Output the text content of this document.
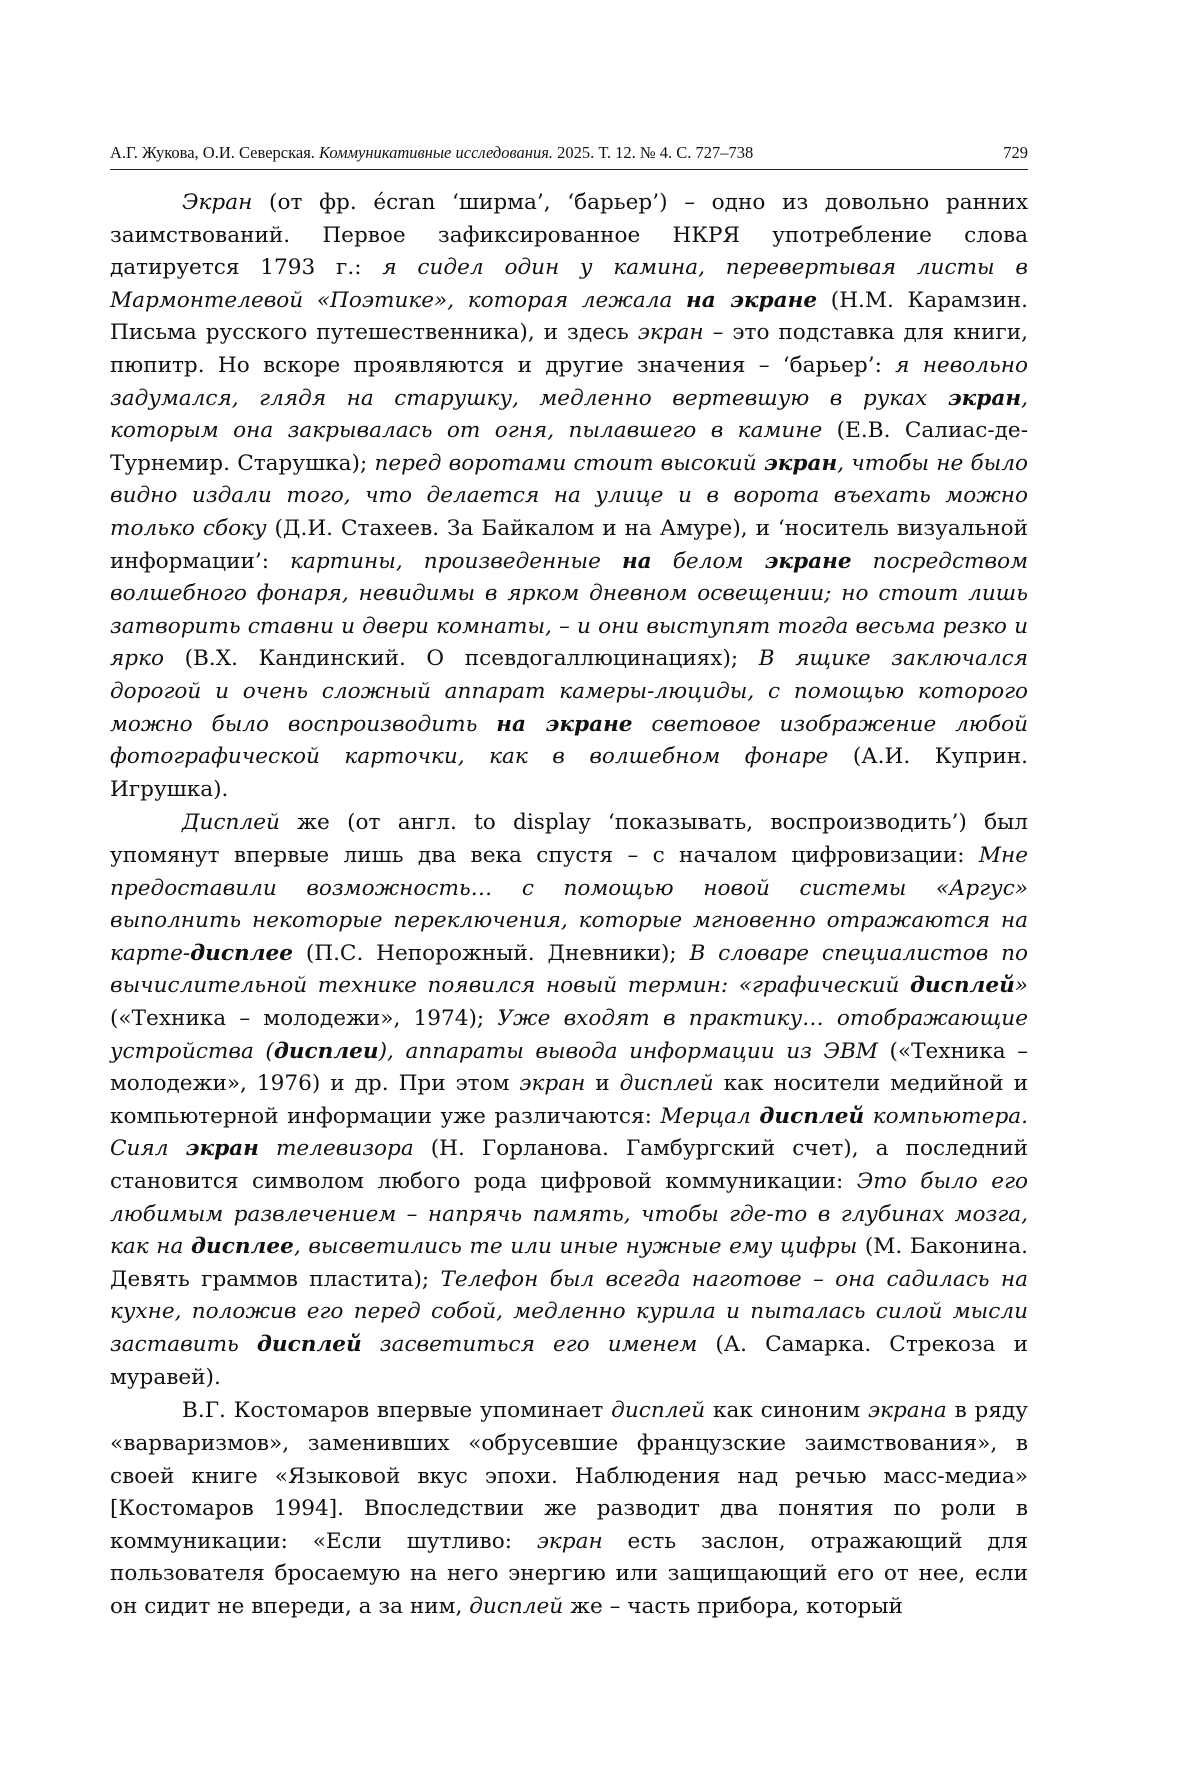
А.Г. Жукова, О.И. Северская. Коммуникативные исследования. 2025. Т. 12. № 4. С. 727–738	729

Экран (от фр. écran ‘ширма’, ‘барьер’) – одно из довольно ранних заимствований. Первое зафиксированное НКРЯ употребление слова датируется 1793 г.: я сидел один у камина, перевертывая листы в Мармонтелевой «Поэтике», которая лежала на экране (Н.М. Карамзин. Письма русского путешественника), и здесь экран – это подставка для книги, пюпитр. Но вскоре проявляются и другие значения – ‘барьер’: я невольно задумался, глядя на старушку, медленно вертевшую в руках экран, которым она закрывалась от огня, пылавшего в камине (Е.В. Салиас-де-Турнемир. Старушка); перед воротами стоит высокий экран, чтобы не было видно издали того, что делается на улице и в ворота въехать можно только сбоку (Д.И. Стахеев. За Байкалом и на Амуре), и ‘носитель визуальной информации’: картины, произведенные на белом экране посредством волшебного фонаря, невидимы в ярком дневном освещении; но стоит лишь затворить ставни и двери комнаты, – и они выступят тогда весьма резко и ярко (В.Х. Кандинский. О псевдогаллюцинациях); В ящике заключался дорогой и очень сложный аппарат камеры-люциды, с помощью которого можно было воспроизводить на экране световое изображение любой фотографической карточки, как в волшебном фонаре (А.И. Куприн. Игрушка).

Дисплей же (от англ. to display ‘показывать, воспроизводить’) был упомянут впервые лишь два века спустя – с началом цифровизации: Мне предоставили возможность… с помощью новой системы «Аргус» выполнить некоторые переключения, которые мгновенно отражаются на карте-дисплее (П.С. Непорожный. Дневники); В словаре специалистов по вычислительной технике появился новый термин: «графический дисплей» («Техника – молодежи», 1974); Уже входят в практику… отображающие устройства (дисплеи), аппараты вывода информации из ЭВМ («Техника – молодежи», 1976) и др. При этом экран и дисплей как носители медийной и компьютерной информации уже различаются: Мерцал дисплей компьютера. Сиял экран телевизора (Н. Горланова. Гамбургский счет), а последний становится символом любого рода цифровой коммуникации: Это было его любимым развлечением – напрячь память, чтобы где-то в глубинах мозга, как на дисплее, высветились те или иные нужные ему цифры (М. Баконина. Девять граммов пластита); Телефон был всегда наготове – она садилась на кухне, положив его перед собой, медленно курила и пыталась силой мысли заставить дисплей засветиться его именем (А. Самарка. Стрекоза и муравей).

В.Г. Костомаров впервые упоминает дисплей как синоним экрана в ряду «варваризмов», заменивших «обрусевшие французские заимствования», в своей книге «Языковой вкус эпохи. Наблюдения над речью масс-медиа» [Костомаров 1994]. Впоследствии же разводит два понятия по роли в коммуникации: «Если шутливо: экран есть заслон, отражающий для пользователя бросаемую на него энергию или защищающий его от нее, если он сидит не впереди, а за ним, дисплей же – часть прибора, который
